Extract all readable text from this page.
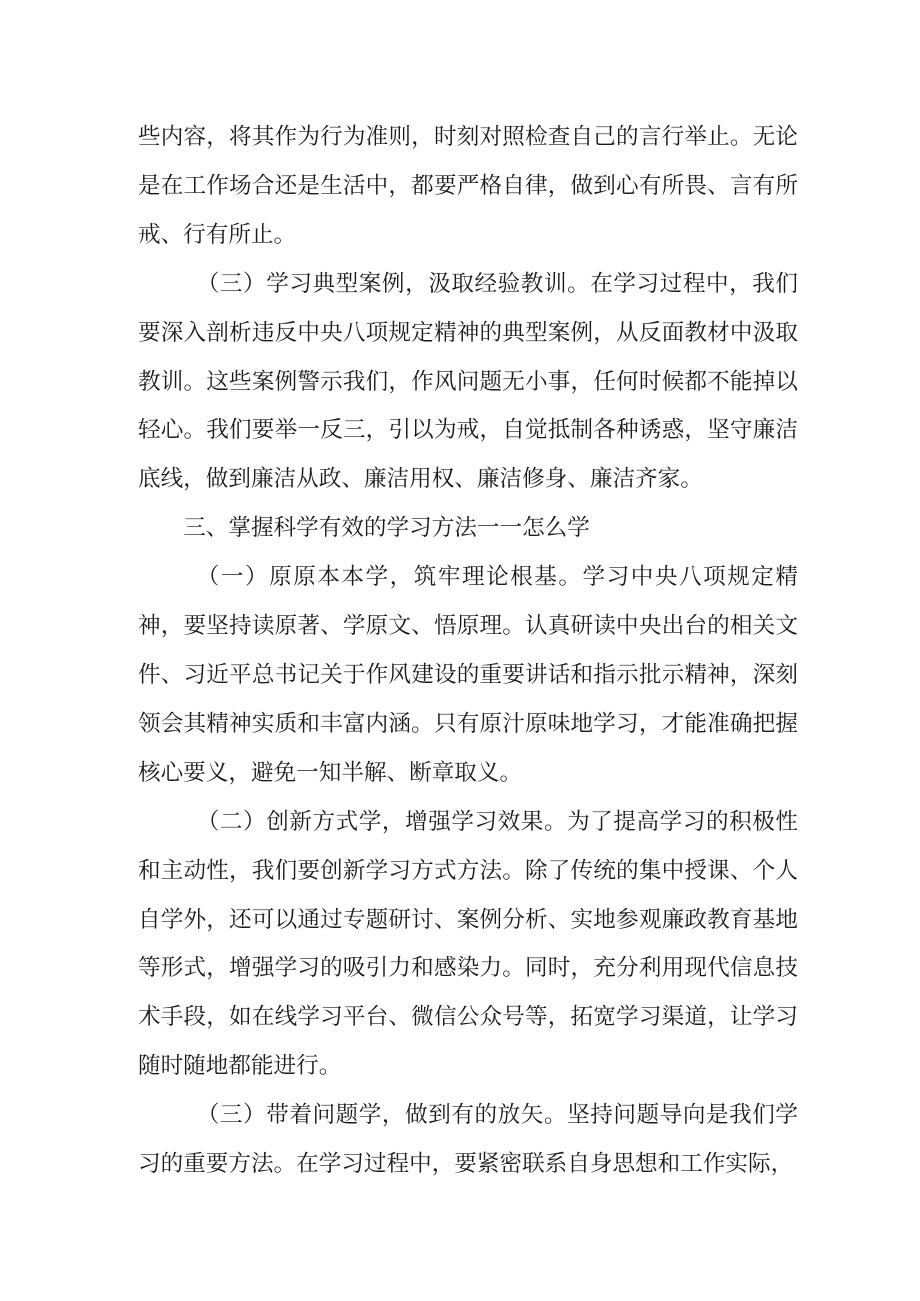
些内容，将其作为行为准则，时刻对照检查自己的言行举止。无论是在工作场合还是生活中，都要严格自律，做到心有所畏、言有所戒、行有所止。

（三）学习典型案例，汲取经验教训。在学习过程中，我们要深入剖析违反中央八项规定精神的典型案例，从反面教材中汲取教训。这些案例警示我们，作风问题无小事，任何时候都不能掉以轻心。我们要举一反三，引以为戒，自觉抵制各种诱惑，坚守廉洁底线，做到廉洁从政、廉洁用权、廉洁修身、廉洁齐家。

三、掌握科学有效的学习方法一一怎么学

（一）原原本本学，筑牢理论根基。学习中央八项规定精神，要坚持读原著、学原文、悟原理。认真研读中央出台的相关文件、习近平总书记关于作风建设的重要讲话和指示批示精神，深刻领会其精神实质和丰富内涵。只有原汁原味地学习，才能准确把握核心要义，避免一知半解、断章取义。

（二）创新方式学，增强学习效果。为了提高学习的积极性和主动性，我们要创新学习方式方法。除了传统的集中授课、个人自学外，还可以通过专题研讨、案例分析、实地参观廉政教育基地等形式，增强学习的吸引力和感染力。同时，充分利用现代信息技术手段，如在线学习平台、微信公众号等，拓宽学习渠道，让学习随时随地都能进行。

（三）带着问题学，做到有的放矢。坚持问题导向是我们学习的重要方法。在学习过程中，要紧密联系自身思想和工作实际，
